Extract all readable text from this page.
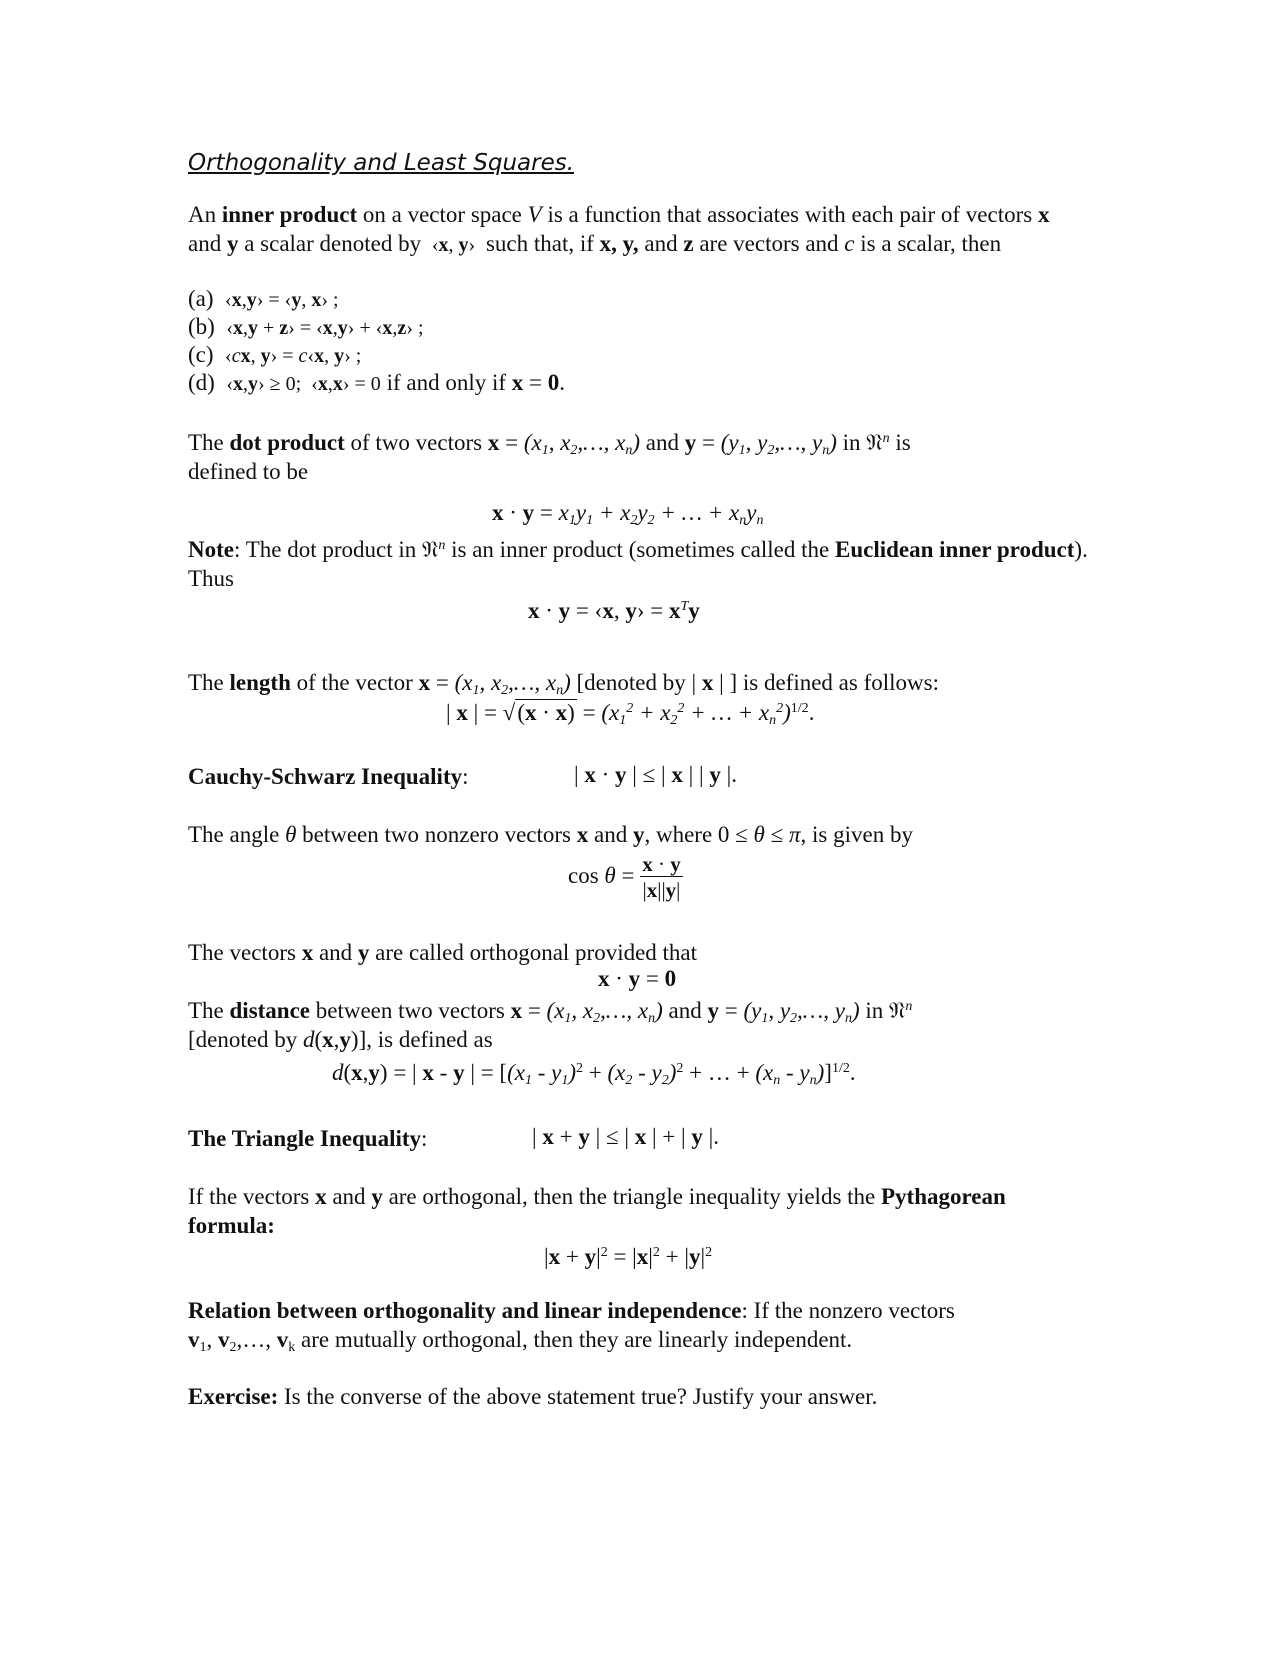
Orthogonality and Least Squares.
An inner product on a vector space V is a function that associates with each pair of vectors x and y a scalar denoted by  ‹x, y›  such that, if x, y, and z are vectors and c is a scalar, then
(a) ‹x,y› = ‹y, x› ;
(b) ‹x,y + z› = ‹x,y› + ‹x,z› ;
(c) ‹cx, y› = c‹x, y› ;
(d) ‹x,y› ≥ 0;  ‹x,x› = 0 if and only if x = 0.
The dot product of two vectors $x = (x_1$, $x_2,\dots$, $x_n$) and $y = (y_1$, $y_2,\dots$, $y_n$) in 𝔑$^n$ is
defined to be
$x \cdot y = x_1y_1 + x_2y_2$ + … + $x_ny_n$
Note: The dot product in 𝔑$^n$ is an inner product (sometimes called the Euclidean inner product). Thus
x · y = ‹x, y› = $x^Ty$
The length of the vector $x = (x_1$, $x_2,\dots$, $x_n$) [denoted by | x | ] is defined as follows:
| x | = $√(x \cdot x) = (x_1^2 + x_2^2$ + … + $x_n^2)^{1/2}$.
Cauchy-Schwarz Inequality:	| x · y | ≤ | x | | y |.
The angle θ between two nonzero vectors x and y, where 0 ≤ θ ≤ π, is given by
$\cos \theta = \frac{x \cdot y}{|x||y|}$
The vectors x and y are called orthogonal provided that
x · y = 0
The distance between two vectors $x = (x_1$, $x_2,\dots$, $x_n$) and $y = (y_1$, $y_2,\dots$, $y_n$) in 𝔑$^n$
[denoted by d(x,y)], is defined as
d(x,y) = | x - y | = [$(x_1 - y_1)^2 + (x_2 - y_2)^2$ + … + $(x_n - y_n)]^{1/2}$.
The Triangle Inequality:	| x + y | ≤ | x | + | y |.
If the vectors x and y are orthogonal, then the triangle inequality yields the Pythagorean formula:
$|x + y|^2 = |x|^2 + |y|^2$
Relation between orthogonality and linear independence: If the nonzero vectors
$v_1$, $v_2,\dots$, $v_k$ are mutually orthogonal, then they are linearly independent.
Exercise: Is the converse of the above statement true? Justify your answer.
